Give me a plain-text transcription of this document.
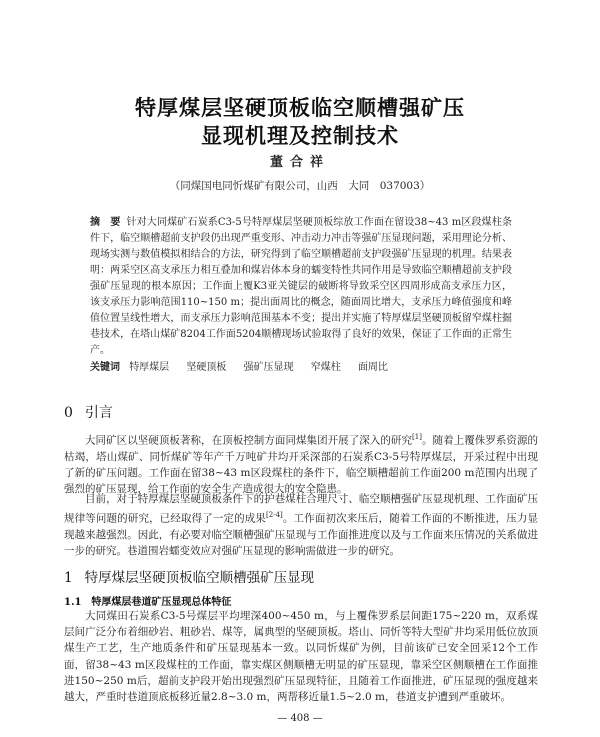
特厚煤层坚硬顶板临空顺槽强矿压
显现机理及控制技术
董合祥
（同煤国电同忻煤矿有限公司，山西　大同　037003）
摘　要 针对大同煤矿石炭系C3-5号特厚煤层坚硬顶板综放工作面在留设38~43 m区段煤柱条件下，临空顺槽超前支护段仍出现严重变形、冲击动力冲击等强矿压显现问题，采用理论分析、现场实测与数值模拟相结合的方法，研究得到了临空顺槽超前支护段强矿压显现的机理。结果表明：两采空区高支承压力相互叠加和煤岩体本身的蠕变特性共同作用是导致临空顺槽超前支护段强矿压显现的根本原因；工作面上覆K3亚关键层的破断将导致采空区四周形成高支承压力区，该支承压力影响范围110~150 m；提出面周比的概念，随面周比增大，支承压力峰值强度和峰值位置呈线性增大，而支承压力影响范围基本不变；提出并实施了特厚煤层坚硬顶板留窄煤柱掘巷技术，在塔山煤矿8204工作面5204顺槽现场试验取得了良好的效果，保证了工作面的正常生产。
关键词 特厚煤层 坚硬顶板 强矿压显现 窄煤柱 面周比
0 引言

大同矿区以坚硬顶板著称，在顶板控制方面同煤集团开展了深入的研究[1]。随着上覆侏罗系资源的枯竭，塔山煤矿、同忻煤矿等年产千万吨矿井均开采深部的石炭系C3-5号特厚煤层，开采过程中出现了新的矿压问题。工作面在留38~43 m区段煤柱的条件下，临空顺槽超前工作面200 m范围内出现了强烈的矿压显现，给工作面的安全生产造成很大的安全隐患。

目前，对于特厚煤层坚硬顶板条件下的护巷煤柱合理尺寸、临空顺槽强矿压显现机理、工作面矿压规律等问题的研究，已经取得了一定的成果[2-4]。工作面初次来压后，随着工作面的不断推进，压力显现越来越强烈。因此，有必要对临空顺槽强矿压显现与工作面推进度以及与工作面来压情况的关系做进一步的研究。巷道围岩蠕变效应对强矿压显现的影响需做进一步的研究。

1 特厚煤层坚硬顶板临空顺槽强矿压显现
1.1 特厚煤层巷道矿压显现总体特征

大同煤田石炭系C3-5号煤层平均埋深400~450 m，与上覆侏罗系层间距175~220 m，双系煤层间广泛分布着细砂岩、粗砂岩、煤等，属典型的坚硬顶板。塔山、同忻等特大型矿井均采用低位放顶煤生产工艺，生产地质条件和矿压显现基本一致。以同忻煤矿为例，目前该矿已安全回采12个工作面，留38~43 m区段煤柱的工作面，靠实煤区侧顺槽无明显的矿压显现，靠采空区侧顺槽在工作面推进150~250 m后，超前支护段开始出现强烈矿压显现特征，且随着工作面推进，矿压显现的强度越来越大，严重时巷道顶底板移近量2.8~3.0 m，两帮移近量1.5~2.0 m，巷道支护遭到严重破坏。

— 408 —
